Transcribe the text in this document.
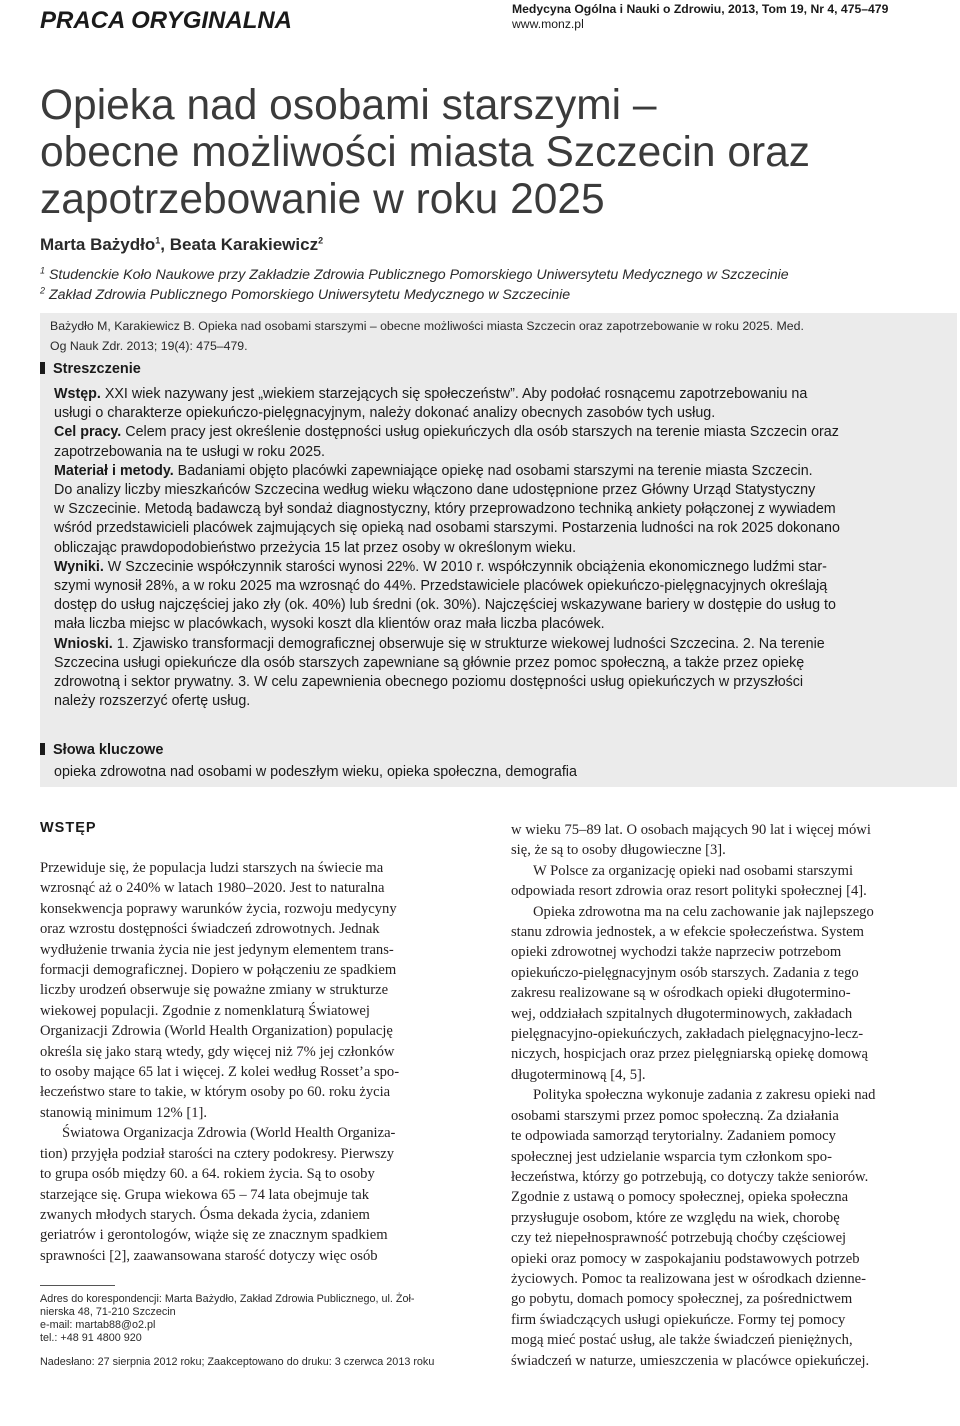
PRACA ORYGINALNA	Medycyna Ogólna i Nauki o Zdrowiu, 2013, Tom 19, Nr 4, 475–479
www.monz.pl
Opieka nad osobami starszymi –
obecne możliwości miasta Szczecin oraz
zapotrzebowanie w roku 2025
Marta Bażydło$^1$, Beata Karakiewicz$^2$
$^1$ Studenckie Koło Naukowe przy Zakładzie Zdrowia Publicznego Pomorskiego Uniwersytetu Medycznego w Szczecinie
$^2$ Zakład Zdrowia Publicznego Pomorskiego Uniwersytetu Medycznego w Szczecinie
Bażydło M, Karakiewicz B. Opieka nad osobami starszymi – obecne możliwości miasta Szczecin oraz zapotrzebowanie w roku 2025. Med.
Og Nauk Zdr. 2013; 19(4): 475–479.
Streszczenie
Wstęp. XXI wiek nazywany jest „wiekiem starzejących się społeczeństw”. Aby podołać rosnącemu zapotrzebowaniu na
usługi o charakterze opiekuńczo-pielęgnacyjnym, należy dokonać analizy obecnych zasobów tych usług.
Cel pracy. Celem pracy jest określenie dostępności usług opiekuńczych dla osób starszych na terenie miasta Szczecin oraz
zapotrzebowania na te usługi w roku 2025.
Materiał i metody. Badaniami objęto placówki zapewniające opiekę nad osobami starszymi na terenie miasta Szczecin.
Do analizy liczby mieszkańców Szczecina według wieku włączono dane udostępnione przez Główny Urząd Statystyczny
w Szczecinie. Metodą badawczą był sondaż diagnostyczny, który przeprowadzono techniką ankiety połączonej z wywiadem
wśród przedstawicieli placówek zajmujących się opieką nad osobami starszymi. Postarzenia ludności na rok 2025 dokonano
obliczając prawdopodobieństwo przeżycia 15 lat przez osoby w określonym wieku.
Wyniki. W Szczecinie współczynnik starości wynosi 22%. W 2010 r. współczynnik obciążenia ekonomicznego ludźmi star-
szymi wynosił 28%, a w roku 2025 ma wzrosnąć do 44%. Przedstawiciele placówek opiekuńczo-pielęgnacyjnych określają
dostęp do usług najczęściej jako zły (ok. 40%) lub średni (ok. 30%). Najczęściej wskazywane bariery w dostępie do usług to
mała liczba miejsc w placówkach, wysoki koszt dla klientów oraz mała liczba placówek.
Wnioski. 1. Zjawisko transformacji demograficznej obserwuje się w strukturze wiekowej ludności Szczecina. 2. Na terenie
Szczecina usługi opiekuńcze dla osób starszych zapewniane są głównie przez pomoc społeczną, a także przez opiekę
zdrowotną i sektor prywatny. 3. W celu zapewnienia obecnego poziomu dostępności usług opiekuńczych w przyszłości
należy rozszerzyć ofertę usług.
Słowa kluczowe
opieka zdrowotna nad osobami w podeszłym wieku, opieka społeczna, demografia
WSTĘP
Przewiduje się, że populacja ludzi starszych na świecie ma
wzrosnąć aż o 240% w latach 1980–2020. Jest to naturalna
konsekwencja poprawy warunków życia, rozwoju medycyny
oraz wzrostu dostępności świadczeń zdrowotnych. Jednak
wydłużenie trwania życia nie jest jedynym elementem trans-
formacji demograficznej. Dopiero w połączeniu ze spadkiem
liczby urodzeń obserwuje się poważne zmiany w strukturze
wiekowej populacji. Zgodnie z nomenklaturą Światowej
Organizacji Zdrowia (World Health Organization) populację
określa się jako starą wtedy, gdy więcej niż 7% jej członków
to osoby mające 65 lat i więcej. Z kolei według Rosset’a spo-
łeczeństwo stare to takie, w którym osoby po 60. roku życia
stanowią minimum 12% [1].
Światowa Organizacja Zdrowia (World Health Organiza-
tion) przyjęła podział starości na cztery podokresy. Pierwszy
to grupa osób między 60. a 64. rokiem życia. Są to osoby
starzejące się. Grupa wiekowa 65 – 74 lata obejmuje tak
zwanych młodych starych. Ósma dekada życia, zdaniem
geriatrów i gerontologów, wiąże się ze znacznym spadkiem
sprawności [2], zaawansowana starość dotyczy więc osób
w wieku 75–89 lat. O osobach mających 90 lat i więcej mówi
się, że są to osoby długowieczne [3].
W Polsce za organizację opieki nad osobami starszymi
odpowiada resort zdrowia oraz resort polityki społecznej [4].
Opieka zdrowotna ma na celu zachowanie jak najlepszego
stanu zdrowia jednostek, a w efekcie społeczeństwa. System
opieki zdrowotnej wychodzi także naprzeciw potrzebom
opiekuńczo-pielęgnacyjnym osób starszych. Zadania z tego
zakresu realizowane są w ośrodkach opieki długotermino-
wej, oddziałach szpitalnych długoterminowych, zakładach
pielęgnacyjno-opiekuńczych, zakładach pielęgnacyjno-lecz-
niczych, hospicjach oraz przez pielęgniarską opiekę domową
długoterminową [4, 5].
Polityka społeczna wykonuje zadania z zakresu opieki nad
osobami starszymi przez pomoc społeczną. Za działania
te odpowiada samorząd terytorialny. Zadaniem pomocy
społecznej jest udzielanie wsparcia tym członkom spo-
łeczeństwa, którzy go potrzebują, co dotyczy także seniorów.
Zgodnie z ustawą o pomocy społecznej, opieka społeczna
przysługuje osobom, które ze względu na wiek, chorobę
czy też niepełnosprawność potrzebują choćby częściowej
opieki oraz pomocy w zaspokajaniu podstawowych potrzeb
życiowych. Pomoc ta realizowana jest w ośrodkach dzienne-
go pobytu, domach pomocy społecznej, za pośrednictwem
firm świadczących usługi opiekuńcze. Formy tej pomocy
mogą mieć postać usług, ale także świadczeń pieniężnych,
świadczeń w naturze, umieszczenia w placówce opiekuńczej.
Adres do korespondencji: Marta Bażydło, Zakład Zdrowia Publicznego, ul. Żoł-
nierska 48, 71-210 Szczecin
e-mail: martab88@o2.pl
tel.: +48 91 4800 920
Nadesłano: 27 sierpnia 2012 roku; Zaakceptowano do druku: 3 czerwca 2013 roku
